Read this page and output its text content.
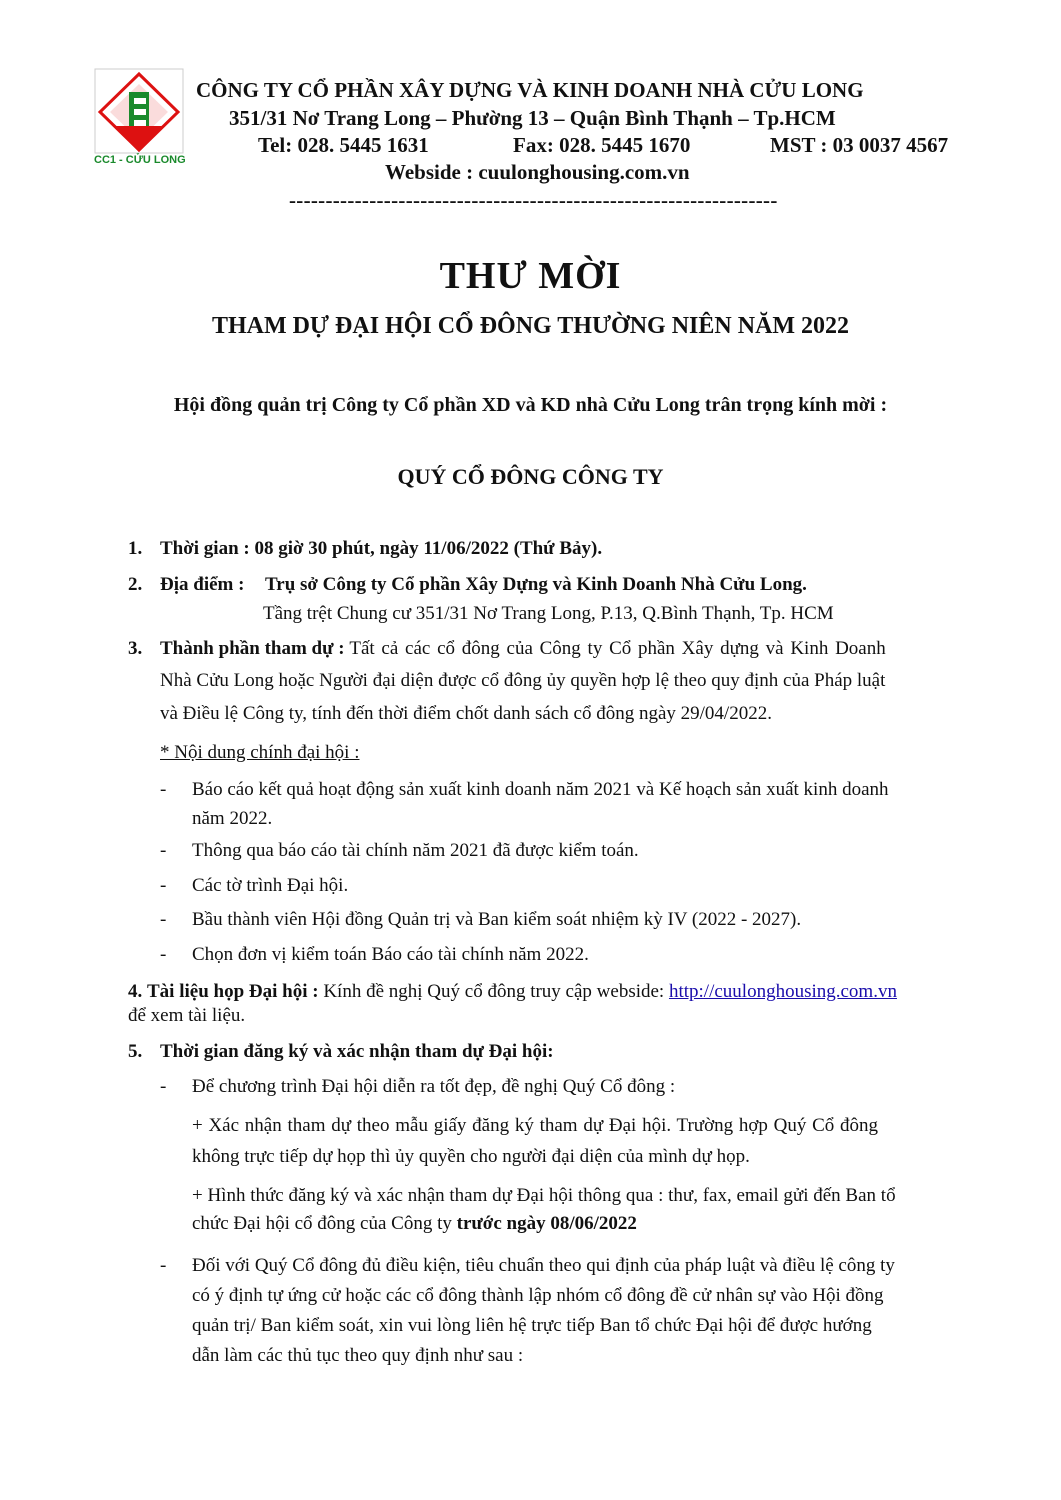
CC1 - CỬU LONG
CÔNG TY CỔ PHẦN XÂY DỰNG VÀ KINH DOANH NHÀ CỬU LONG
351/31 Nơ Trang Long – Phường 13 – Quận Bình Thạnh – Tp.HCM
Tel: 028. 5445 1631	Fax: 028. 5445 1670	MST : 03 0037 4567
Webside : cuulonghousing.com.vn
-------------------------------------------------------------------
THƯ MỜI
THAM DỰ ĐẠI HỘI CỔ ĐÔNG THƯỜNG NIÊN NĂM 2022
Hội đồng quản trị Công ty Cổ phần XD và KD nhà Cửu Long trân trọng kính mời :
QUÝ CỔ ĐÔNG CÔNG TY
1. Thời gian : 08 giờ 30 phút, ngày 11/06/2022 (Thứ Bảy).
2. Địa điểm : Trụ sở Công ty Cổ phần Xây Dựng và Kinh Doanh Nhà Cửu Long.
Tầng trệt Chung cư 351/31 Nơ Trang Long, P.13, Q.Bình Thạnh, Tp. HCM
3. Thành phần tham dự : Tất cả các cổ đông của Công ty Cổ phần Xây dựng và Kinh Doanh
Nhà Cửu Long hoặc Người đại diện được cổ đông ủy quyền hợp lệ theo quy định của Pháp luật
và Điều lệ Công ty, tính đến thời điểm chốt danh sách cổ đông ngày 29/04/2022.
* Nội dung chính đại hội :
- Báo cáo kết quả hoạt động sản xuất kinh doanh năm 2021 và Kế hoạch sản xuất kinh doanh
năm 2022.
- Thông qua báo cáo tài chính năm 2021 đã được kiểm toán.
- Các tờ trình Đại hội.
- Bầu thành viên Hội đồng Quản trị và Ban kiểm soát nhiệm kỳ IV (2022 - 2027).
- Chọn đơn vị kiểm toán Báo cáo tài chính năm 2022.
4. Tài liệu họp Đại hội : Kính đề nghị Quý cổ đông truy cập webside: http://cuulonghousing.com.vn
để xem tài liệu.
5. Thời gian đăng ký và xác nhận tham dự Đại hội:
- Để chương trình Đại hội diễn ra tốt đẹp, đề nghị Quý Cổ đông :
+ Xác nhận tham dự theo mẫu giấy đăng ký tham dự Đại hội. Trường hợp Quý Cổ đông
không trực tiếp dự họp thì ủy quyền cho người đại diện của mình dự họp.
+ Hình thức đăng ký và xác nhận tham dự Đại hội thông qua : thư, fax, email gửi đến Ban tổ
chức Đại hội cổ đông của Công ty trước ngày 08/06/2022
- Đối với Quý Cổ đông đủ điều kiện, tiêu chuẩn theo qui định của pháp luật và điều lệ công ty
có ý định tự ứng cử hoặc các cổ đông thành lập nhóm cổ đông đề cử nhân sự vào Hội đồng
quản trị/ Ban kiểm soát, xin vui lòng liên hệ trực tiếp Ban tổ chức Đại hội để được hướng
dẫn làm các thủ tục theo quy định như sau :
